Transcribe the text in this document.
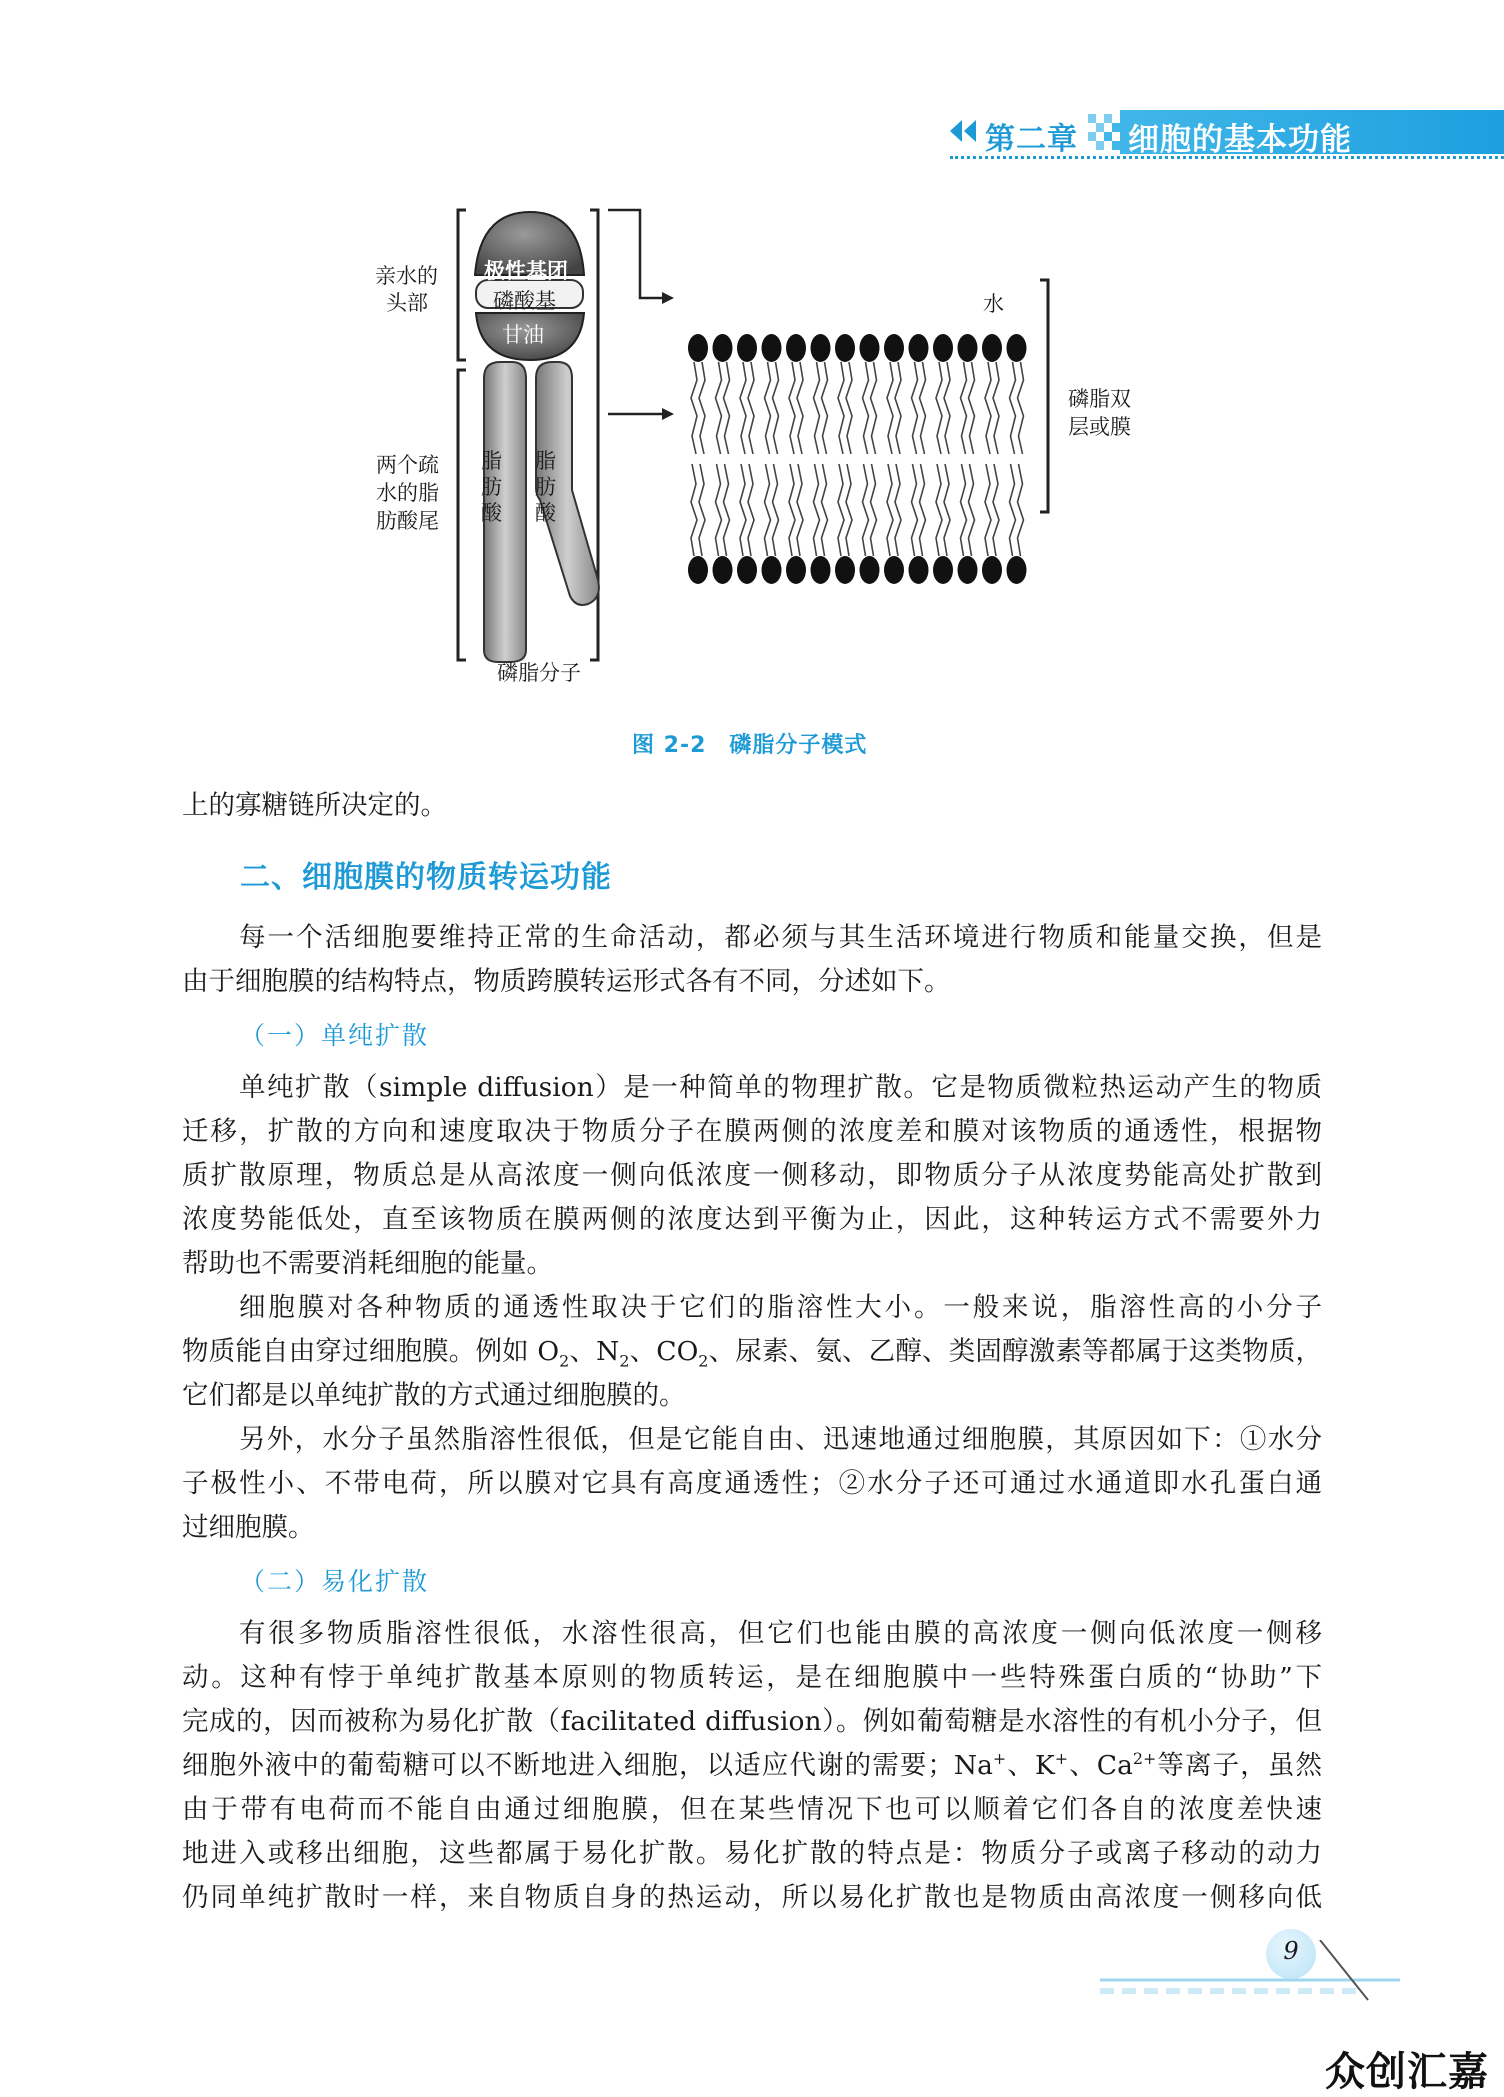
第二章 细胞的基本功能
亲水的
头部
极性基团
磷酸基
甘油
脂肪酸
脂肪酸
两个疏
水的脂
肪酸尾
磷脂分子
水
磷脂双
层或膜
图 2-2　磷脂分子模式
上的寡糖链所决定的。
二、细胞膜的物质转运功能
每一个活细胞要维持正常的生命活动，都必须与其生活环境进行物质和能量交换，但是
由于细胞膜的结构特点，物质跨膜转运形式各有不同，分述如下。
（一）单纯扩散
单纯扩散（simple diffusion）是一种简单的物理扩散。它是物质微粒热运动产生的物质
迁移，扩散的方向和速度取决于物质分子在膜两侧的浓度差和膜对该物质的通透性，根据物
质扩散原理，物质总是从高浓度一侧向低浓度一侧移动，即物质分子从浓度势能高处扩散到
浓度势能低处，直至该物质在膜两侧的浓度达到平衡为止，因此，这种转运方式不需要外力
帮助也不需要消耗细胞的能量。
细胞膜对各种物质的通透性取决于它们的脂溶性大小。一般来说，脂溶性高的小分子
物质能自由穿过细胞膜。例如 $O_2$、$N_2$、$CO_2$、尿素、氨、乙醇、类固醇激素等都属于这类物质，
它们都是以单纯扩散的方式通过细胞膜的。
另外，水分子虽然脂溶性很低，但是它能自由、迅速地通过细胞膜，其原因如下：①水分
子极性小、不带电荷，所以膜对它具有高度通透性；②水分子还可通过水通道即水孔蛋白通
过细胞膜。
（二）易化扩散
有很多物质脂溶性很低，水溶性很高，但它们也能由膜的高浓度一侧向低浓度一侧移
动。这种有悖于单纯扩散基本原则的物质转运，是在细胞膜中一些特殊蛋白质的“协助”下
完成的，因而被称为易化扩散（facilitated diffusion）。例如葡萄糖是水溶性的有机小分子，但
细胞外液中的葡萄糖可以不断地进入细胞，以适应代谢的需要；Na+、K+、$Ca^{2+}$等离子，虽然
由于带有电荷而不能自由通过细胞膜，但在某些情况下也可以顺着它们各自的浓度差快速
地进入或移出细胞，这些都属于易化扩散。易化扩散的特点是：物质分子或离子移动的动力
仍同单纯扩散时一样，来自物质自身的热运动，所以易化扩散也是物质由高浓度一侧移向低
9
众创汇嘉
